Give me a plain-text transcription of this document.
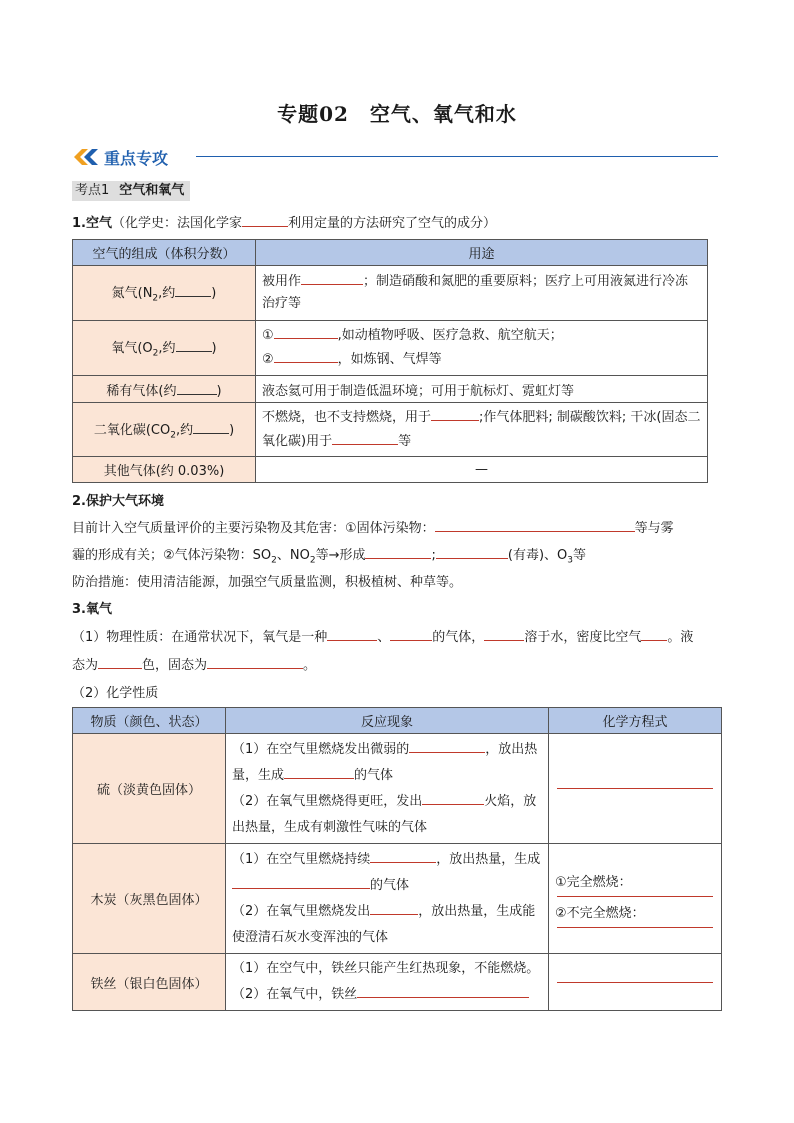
专题02　空气、氧气和水
重点专攻
考点1 空气和氧气
1.空气（化学史：法国化学家	利用定量的方法研究了空气的成分）
空气的组成（体积分数）	用途
氮气($N_2$,约 )	被用作 ；制造硝酸和氮肥的重要原料；医疗上可用液氮进行冷冻治疗等
氧气($O_2$,约 )	① ,如动植物呼吸、医疗急救、航空航天；
② ，如炼钢、气焊等
稀有气体(约 )	液态氦可用于制造低温环境；可用于航标灯、霓虹灯等
二氧化碳($CO_2$,约 )	不燃烧，也不支持燃烧，用于 ;作气体肥料; 制碳酸饮料; 干冰(固态二氧化碳)用于 等
其他气体(约 0.03%)	—
2.保护大气环境
目前计入空气质量评价的主要污染物及其危害：①固体污染物：	等与雾
霾的形成有关；②气体污染物：$SO_2$、$NO_2$等→形成	;	(有毒)、$O_3$等
防治措施：使用清洁能源，加强空气质量监测，积极植树、种草等。
3.氧气
（1）物理性质：在通常状况下，氧气是一种	、	的气体，	溶于水，密度比空气 。液
态为	色，固态为	。
（2）化学性质
物质（颜色、状态）	反应现象	化学方程式
硫（淡黄色固体）	（1）在空气里燃烧发出微弱的 ，放出热量，生成 的气体
（2）在氧气里燃烧得更旺，发出 火焰，放出热量，生成有刺激性气味的气体	

木炭（灰黑色固体）	（1）在空气里燃烧持续 ，放出热量，生成的气体
（2）在氧气里燃烧发出 ，放出热量，生成能使澄清石灰水变浑浊的气体	①完全燃烧：
②不完全燃烧：

铁丝（银白色固体）	（1）在空气中，铁丝只能产生红热现象，不能燃烧。
（2）在氧气中，铁丝	
